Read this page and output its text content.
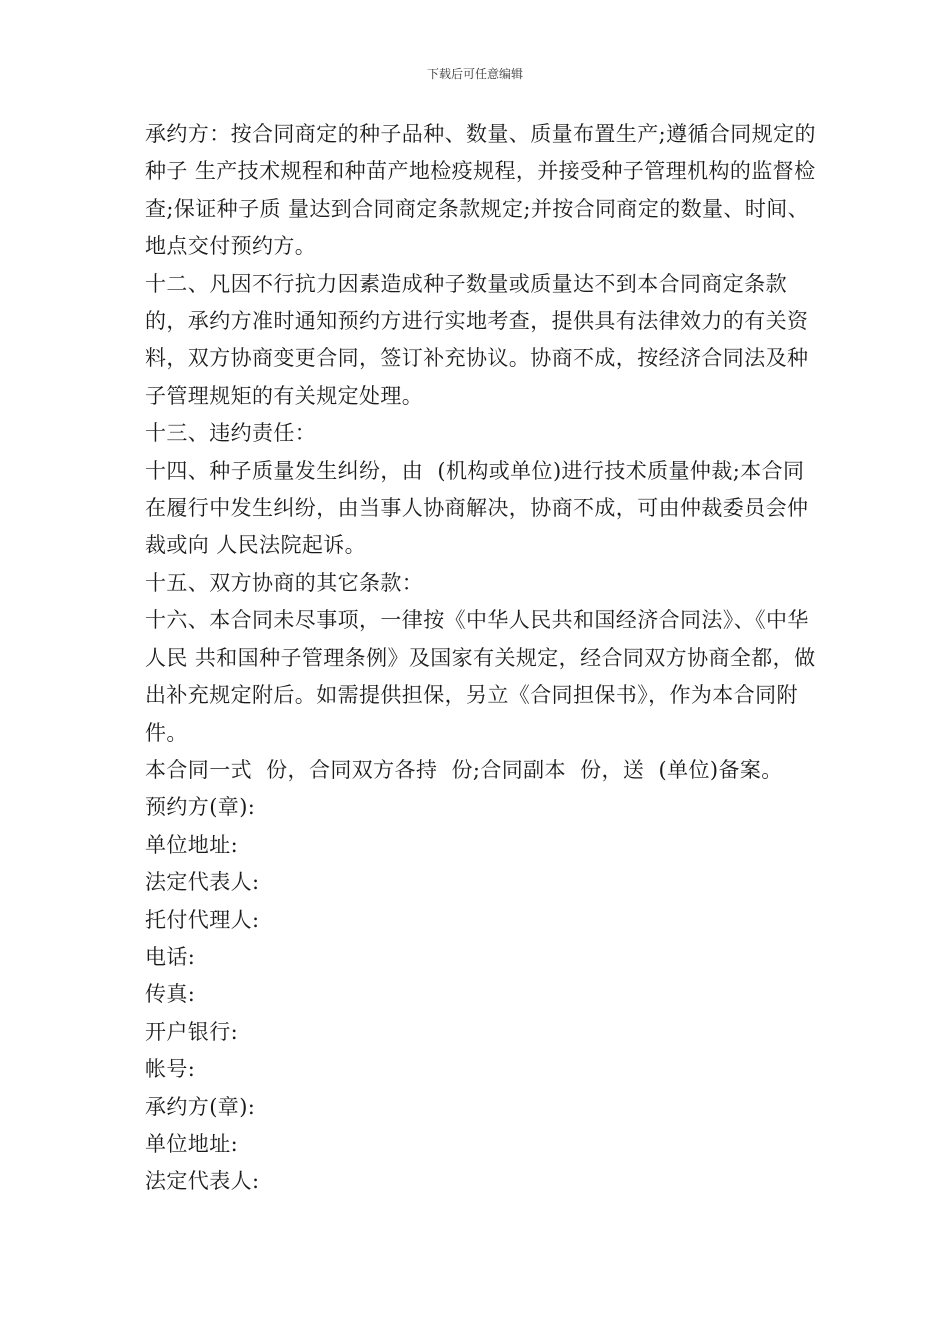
下载后可任意编辑

承约方：按合同商定的种子品种、数量、质量布置生产;遵循合同规定的种子 生产技术规程和种苗产地检疫规程，并接受种子管理机构的监督检查;保证种子质 量达到合同商定条款规定;并按合同商定的数量、时间、地点交付预约方。

十二、凡因不行抗力因素造成种子数量或质量达不到本合同商定条款的，承约方准时通知预约方进行实地考查，提供具有法律效力的有关资料，双方协商变更合同，签订补充协议。协商不成，按经济合同法及种子管理规矩的有关规定处理。

十三、违约责任：

十四、种子质量发生纠纷，由  (机构或单位)进行技术质量仲裁;本合同在履行中发生纠纷，由当事人协商解决，协商不成，可由仲裁委员会仲裁或向 人民法院起诉。

十五、双方协商的其它条款：

十六、本合同未尽事项，一律按《中华人民共和国经济合同法》、《中华人民 共和国种子管理条例》及国家有关规定，经合同双方协商全都，做出补充规定附后。如需提供担保，另立《合同担保书》，作为本合同附件。

本合同一式  份，合同双方各持  份;合同副本  份，送  (单位)备案。

预约方(章):

单位地址:

法定代表人:

托付代理人:

电话:

传真:

开户银行:

帐号:

承约方(章):

单位地址:

法定代表人:
